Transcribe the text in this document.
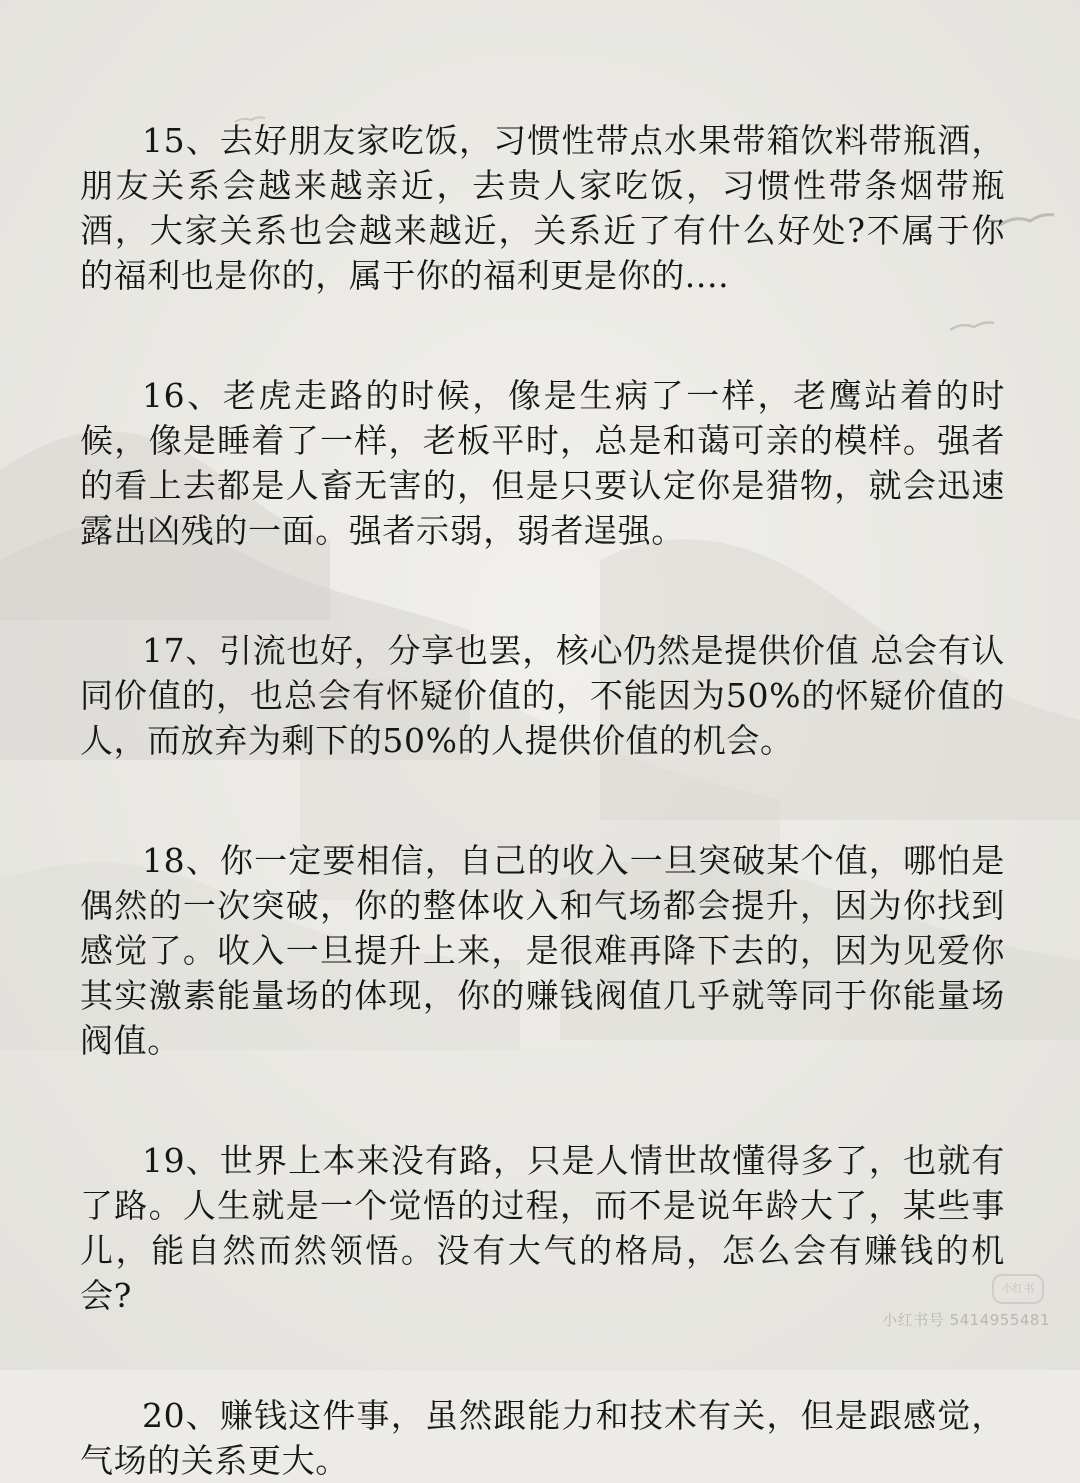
15、去好朋友家吃饭，习惯性带点水果带箱饮料带瓶酒，朋友关系会越来越亲近，去贵人家吃饭，习惯性带条烟带瓶酒，大家关系也会越来越近，关系近了有什么好处?不属于你的福利也是你的，属于你的福利更是你的....

16、老虎走路的时候，像是生病了一样，老鹰站着的时候，像是睡着了一样，老板平时，总是和蔼可亲的模样。强者的看上去都是人畜无害的，但是只要认定你是猎物，就会迅速露出凶残的一面。强者示弱，弱者逞强。

17、引流也好，分享也罢，核心仍然是提供价值 总会有认同价值的，也总会有怀疑价值的，不能因为50%的怀疑价值的人，而放弃为剩下的50%的人提供价值的机会。

18、你一定要相信，自己的收入一旦突破某个值，哪怕是偶然的一次突破，你的整体收入和气场都会提升，因为你找到感觉了。收入一旦提升上来，是很难再降下去的，因为见爱你其实激素能量场的体现，你的赚钱阀值几乎就等同于你能量场阀值。

19、世界上本来没有路，只是人情世故懂得多了，也就有了路。人生就是一个觉悟的过程，而不是说年龄大了，某些事儿，能自然而然领悟。没有大气的格局，怎么会有赚钱的机会?

20、赚钱这件事，虽然跟能力和技术有关，但是跟感觉，气场的关系更大。

小红书
小红书号 5414955481
